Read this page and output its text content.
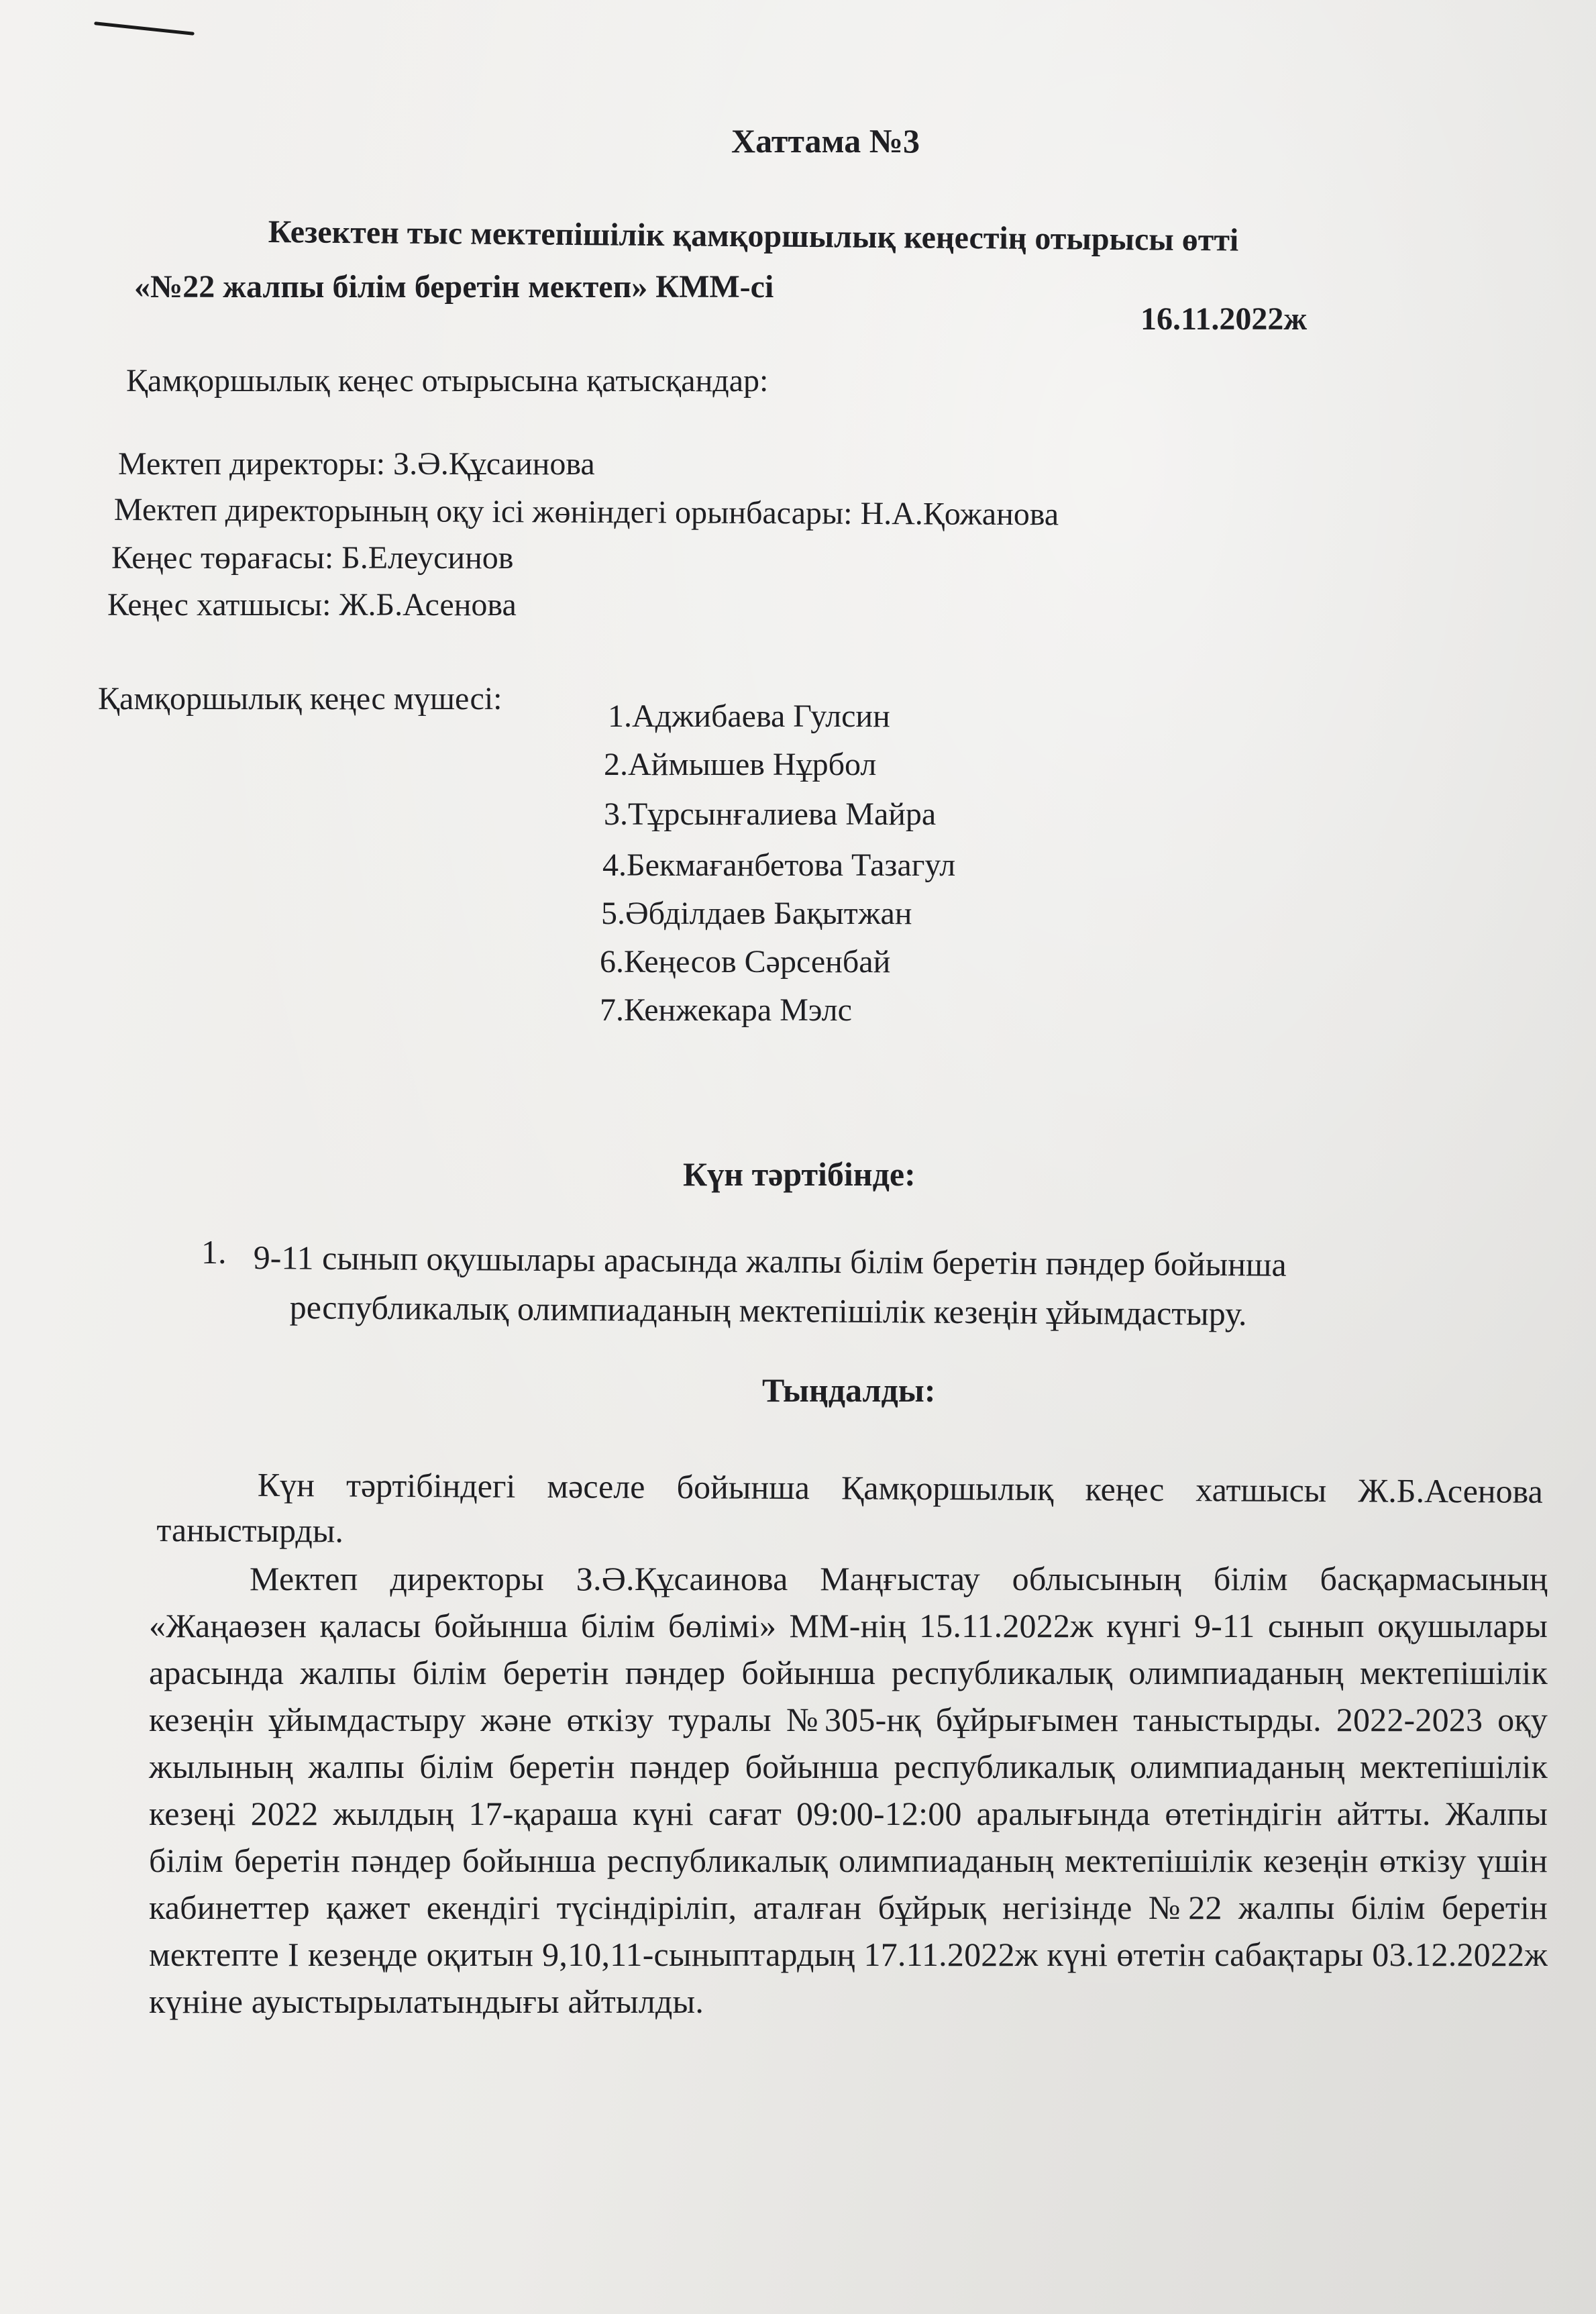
Хаттама №3
Кезектен тыс мектепішілік қамқоршылық кеңестің отырысы өтті
«№22 жалпы білім беретін мектеп» КММ-сі
16.11.2022ж
Қамқоршылық кеңес отырысына қатысқандар:
Мектеп директоры: З.Ә.Құсаинова
Мектеп директорының оқу ісі жөніндегі орынбасары: Н.А.Қожанова
Кеңес төрағасы: Б.Елеусинов
Кеңес хатшысы: Ж.Б.Асенова
Қамқоршылық кеңес мүшесі:	1.Аджибаева Гулсин
2.Аймышев Нұрбол
3.Тұрсынғалиева Майра
4.Бекмағанбетова Тазагул
5.Әбділдаев Бақытжан
6.Кеңесов Сәрсенбай
7.Кенжекара Мэлс
Күн тәртібінде:
1. 9-11 сынып оқушылары арасында жалпы білім беретін пәндер бойынша
республикалық олимпиаданың мектепішілік кезеңін ұйымдастыру.
Тыңдалды:
Күн тәртібіндегі мәселе бойынша Қамқоршылық кеңес хатшысы Ж.Б.Асенова таныстырды.
Мектеп директоры З.Ә.Құсаинова Маңғыстау облысының білім басқармасының «Жаңаөзен қаласы бойынша білім бөлімі» ММ-нің 15.11.2022ж күнгі 9-11 сынып оқушылары арасында жалпы білім беретін пәндер бойынша республикалық олимпиаданың мектепішілік кезеңін ұйымдастыру және өткізу туралы №305-нқ бұйрығымен таныстырды. 2022-2023 оқу жылының жалпы білім беретін пәндер бойынша республикалық олимпиаданың мектепішілік кезеңі 2022 жылдың 17-қараша күні сағат 09:00-12:00 аралығында өтетіндігін айтты. Жалпы білім беретін пәндер бойынша республикалық олимпиаданың мектепішілік кезеңін өткізу үшін кабинеттер қажет екендігі түсіндіріліп, аталған бұйрық негізінде №22 жалпы білім беретін мектепте I кезеңде оқитын 9,10,11-сыныптардың 17.11.2022ж күні өтетін сабақтары 03.12.2022ж күніне ауыстырылатындығы айтылды.
